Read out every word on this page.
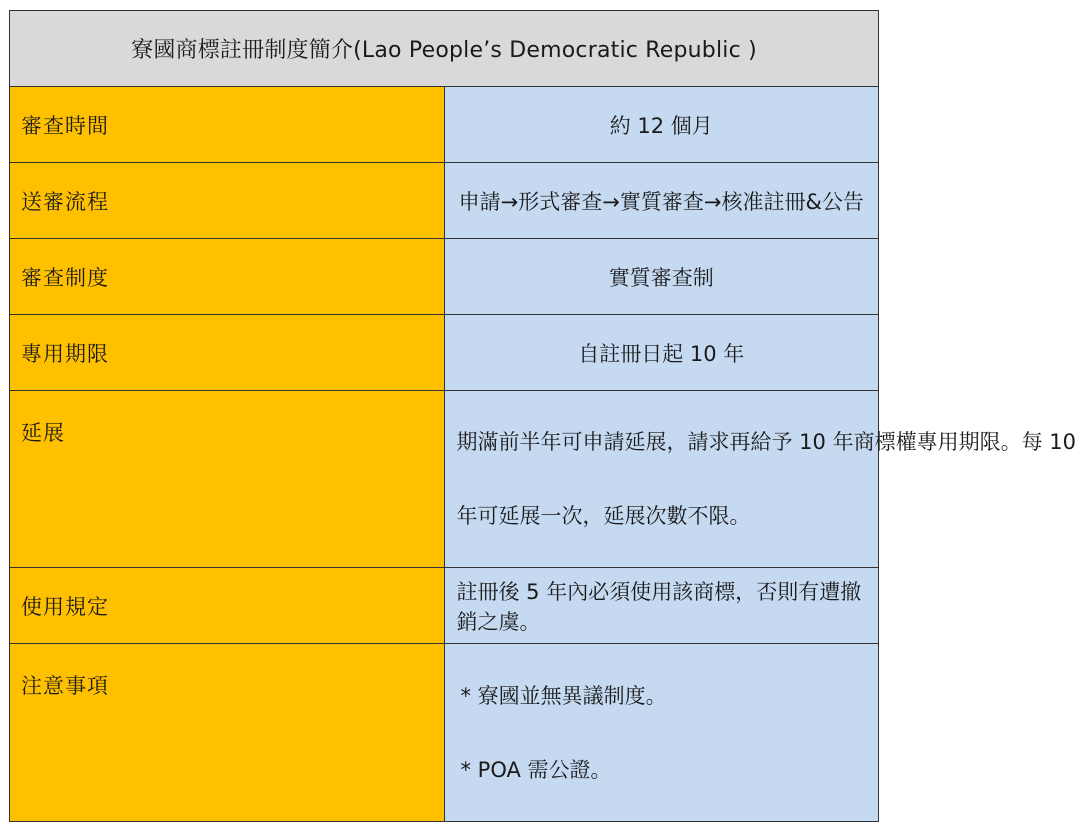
寮國商標註冊制度簡介(Lao People’s Democratic Republic )	
審查時間	約 12 個月
送審流程	申請→形式審查→實質審查→核准註冊&公告
審查制度	實質審查制
專用期限	自註冊日起 10 年
延展	期滿前半年可申請延展，請求再給予 10 年商標權專用期限。每 10
年可延展一次，延展次數不限。

使用規定	註冊後 5 年內必須使用該商標，否則有遭撤銷之虞。
注意事項	* 寮國並無異議制度。
* POA 需公證。
